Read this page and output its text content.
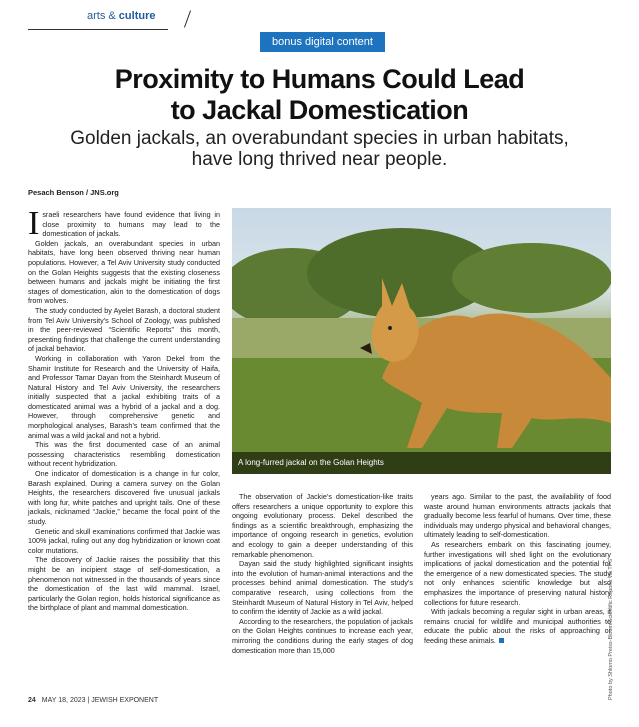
arts & culture
bonus digital content
Proximity to Humans Could Lead
to Jackal Domestication
Golden jackals, an overabundant species in urban habitats,
have long thrived near people.
Pesach Benson / JNS.org

Israeli researchers have found evidence that living in close proximity to humans may lead to the domestication of jackals.

Golden jackals, an overabundant species in urban habitats, have long been observed thriving near human populations. However, a Tel Aviv University study conducted on the Golan Heights suggests that the existing closeness between humans and jackals might be initiating the first stages of domestication, akin to the domestication of dogs from wolves.

The study conducted by Ayelet Barash, a doctoral student from Tel Aviv University’s School of Zoology, was published in the peer-reviewed “Scientific Reports” this month, presenting findings that challenge the current understanding of jackal behavior.

Working in collaboration with Yaron Dekel from the Shamir Institute for Research and the University of Haifa, and Professor Tamar Dayan from the Steinhardt Museum of Natural History and Tel Aviv University, the researchers initially suspected that a jackal exhibiting traits of a domesticated animal was a hybrid of a jackal and a dog. However, through comprehensive genetic and morphological analyses, Barash’s team confirmed that the animal was a wild jackal and not a hybrid.

This was the first documented case of an animal possessing characteristics resembling domestication without recent hybridization.

One indicator of domestication is a change in fur color, Barash explained. During a camera survey on the Golan Heights, the researchers discovered five unusual jackals with long fur, white patches and upright tails. One of these jackals, nicknamed “Jackie,” became the focal point of the study.

Genetic and skull examinations confirmed that Jackie was 100% jackal, ruling out any dog hybridization or known coat color mutations.

The discovery of Jackie raises the possibility that this might be an incipient stage of self-domestication, a phenomenon not witnessed in the thousands of years since the domestication of the last wild mammal. Israel, particularly the Golan region, holds historical significance as the birthplace of plant and mammal domestication.

A long-furred jackal on the Golan Heights

The observation of Jackie’s domestication-like traits offers researchers a unique opportunity to explore this ongoing evolutionary process. Dekel described the findings as a scientific breakthrough, emphasizing the importance of ongoing research in genetics, evolution and ecology to gain a deeper understanding of this remarkable phenomenon.

Dayan said the study highlighted significant insights into the evolution of human-animal interactions and the processes behind animal domestication. The study’s comparative research, using collections from the Steinhardt Museum of Natural History in Tel Aviv, helped to confirm the identity of Jackie as a wild jackal.

According to the researchers, the population of jackals on the Golan Heights continues to increase each year, mirroring the conditions during the early stages of dog domestication more than 15,000

years ago. Similar to the past, the availability of food waste around human environments attracts jackals that gradually become less fearful of humans. Over time, these individuals may undergo physical and behavioral changes, ultimately leading to self-domestication.

As researchers embark on this fascinating journey, further investigations will shed light on the evolutionary implications of jackal domestication and the potential for the emergence of a new domesticated species. The study not only enhances scientific knowledge but also emphasizes the importance of preserving natural history collections for future research.

With jackals becoming a regular sight in urban areas, it remains crucial for wildlife and municipal authorities to educate the public about the risks of approaching or feeding these animals.	Photo by Shlomo Preiss-Bloom/Scientific Reports via TPS
24 MAY 18, 2023 | JEWISH EXPONENT
